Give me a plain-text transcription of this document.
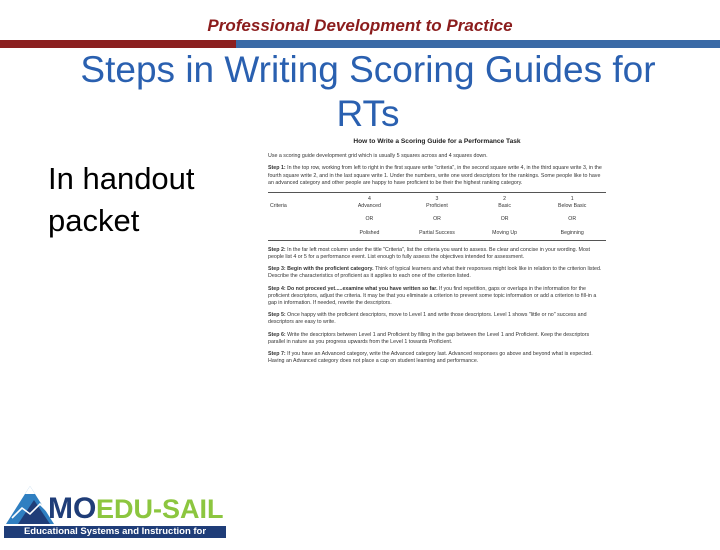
Professional Development to Practice
Steps in Writing Scoring Guides for RTs
In handout
packet
How to Write a Scoring Guide for a Performance Task
Use a scoring guide development grid which is usually 5 squares across and 4 squares down.
Step 1: In the top row, working from left to right in the first square write "criteria", in the second square write 4, in the third square write 3, in the fourth square write 2, and in the last square write 1. Under the numbers, write one word descriptors for the rankings. Some people like to have an advanced category and other people are happy to have proficient to be their the highest ranking category.
	4	3	2	1
Criteria	Advanced	Proficient	Basic	Below Basic
	OR	OR	OR	OR
	Polished	Partial Success	Moving Up	Beginning
Step 2: In the far left most column under the title "Criteria", list the criteria you want to assess. Be clear and concise in your wording. Most people list 4 or 5 for a performance event. List enough to fully assess the objectives intended for assessment.
Step 3: Begin with the proficient category. Think of typical learners and what their responses might look like in relation to the criterion listed. Describe the characteristics of proficient as it applies to each one of the criterion listed.
Step 4: Do not proceed yet.....examine what you have written so far. If you find repetition, gaps or overlaps in the information for the proficient descriptors, adjust the criteria. It may be that you eliminate a criterion to prevent some topic information or add a criterion to fill-in a gap in information. If needed, rewrite the descriptors.
Step 5: Once happy with the proficient descriptors, move to Level 1 and write those descriptors. Level 1 shows "little or no" success and descriptors are easy to write.
Step 6: Write the descriptors between Level 1 and Proficient by filling in the gap between the Level 1 and Proficient. Keep the descriptors parallel in nature as you progress upwards from the Level 1 towards Proficient.
Step 7: If you have an Advanced category, write the Advanced category last. Advanced responses go above and beyond what is expected. Having an Advanced category does not place a cap on student learning and performance.
MO EDU-SAIL
Educational Systems and Instruction for Learning
